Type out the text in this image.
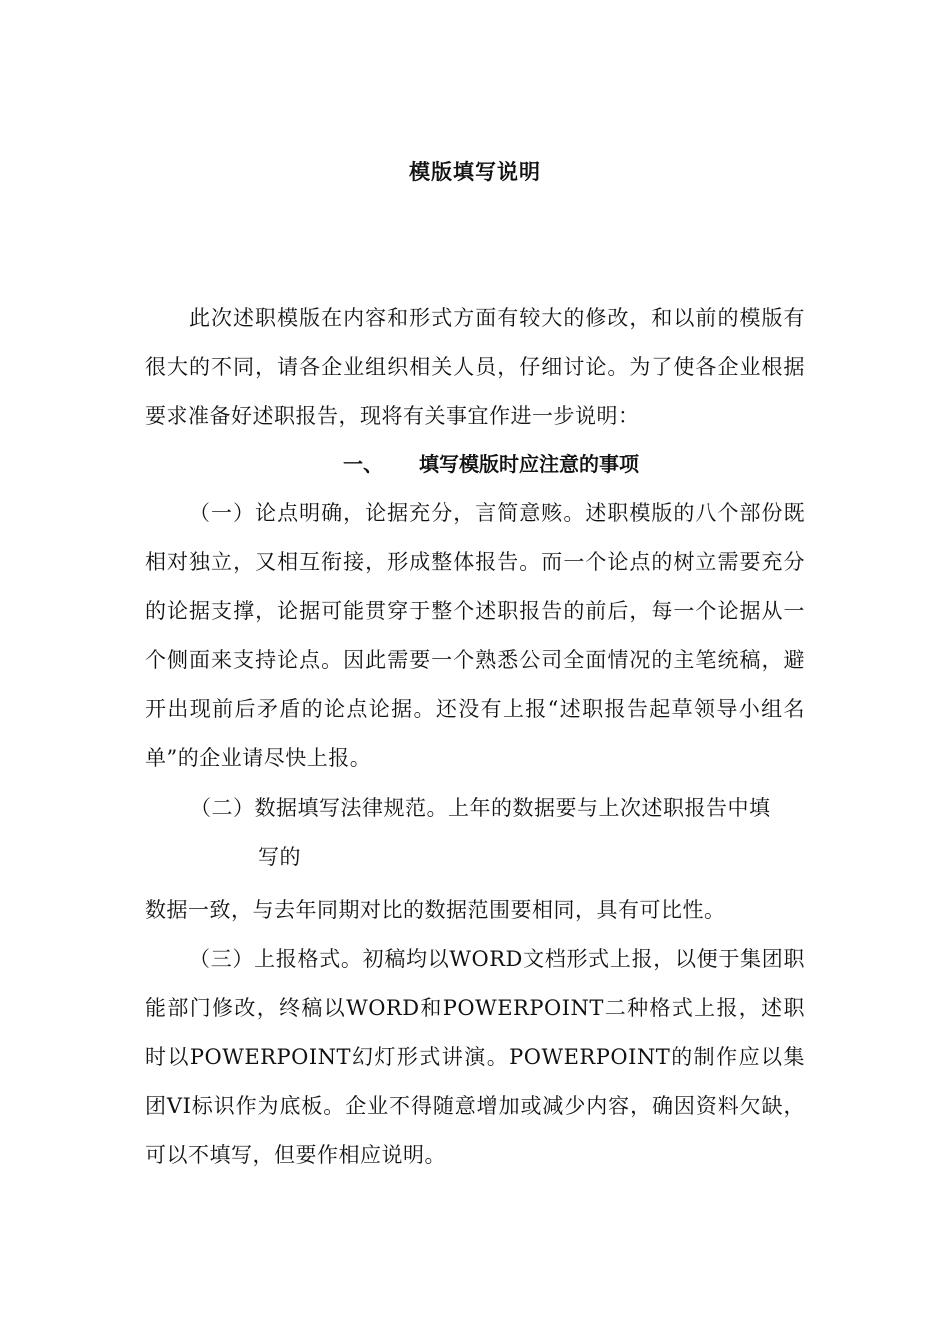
模版填写说明

此次述职模版在内容和形式方面有较大的修改，和以前的模版有很大的不同，请各企业组织相关人员，仔细讨论。为了使各企业根据要求准备好述职报告，现将有关事宜作进一步说明：

一、 填写模版时应注意的事项

（一）论点明确，论据充分，言简意赅。述职模版的八个部份既相对独立，又相互衔接，形成整体报告。而一个论点的树立需要充分的论据支撑，论据可能贯穿于整个述职报告的前后，每一个论据从一个侧面来支持论点。因此需要一个熟悉公司全面情况的主笔统稿，避开出现前后矛盾的论点论据。还没有上报“述职报告起草领导小组名单”的企业请尽快上报。

（二）数据填写法律规范。上年的数据要与上次述职报告中填
写的

数据一致，与去年同期对比的数据范围要相同，具有可比性。

（三）上报格式。初稿均以WORD文档形式上报，以便于集团职能部门修改，终稿以WORD和POWERPOINT二种格式上报，述职时以POWERPOINT幻灯形式讲演。POWERPOINT的制作应以集团VI标识作为底板。企业不得随意增加或减少内容，确因资料欠缺，可以不填写，但要作相应说明。
